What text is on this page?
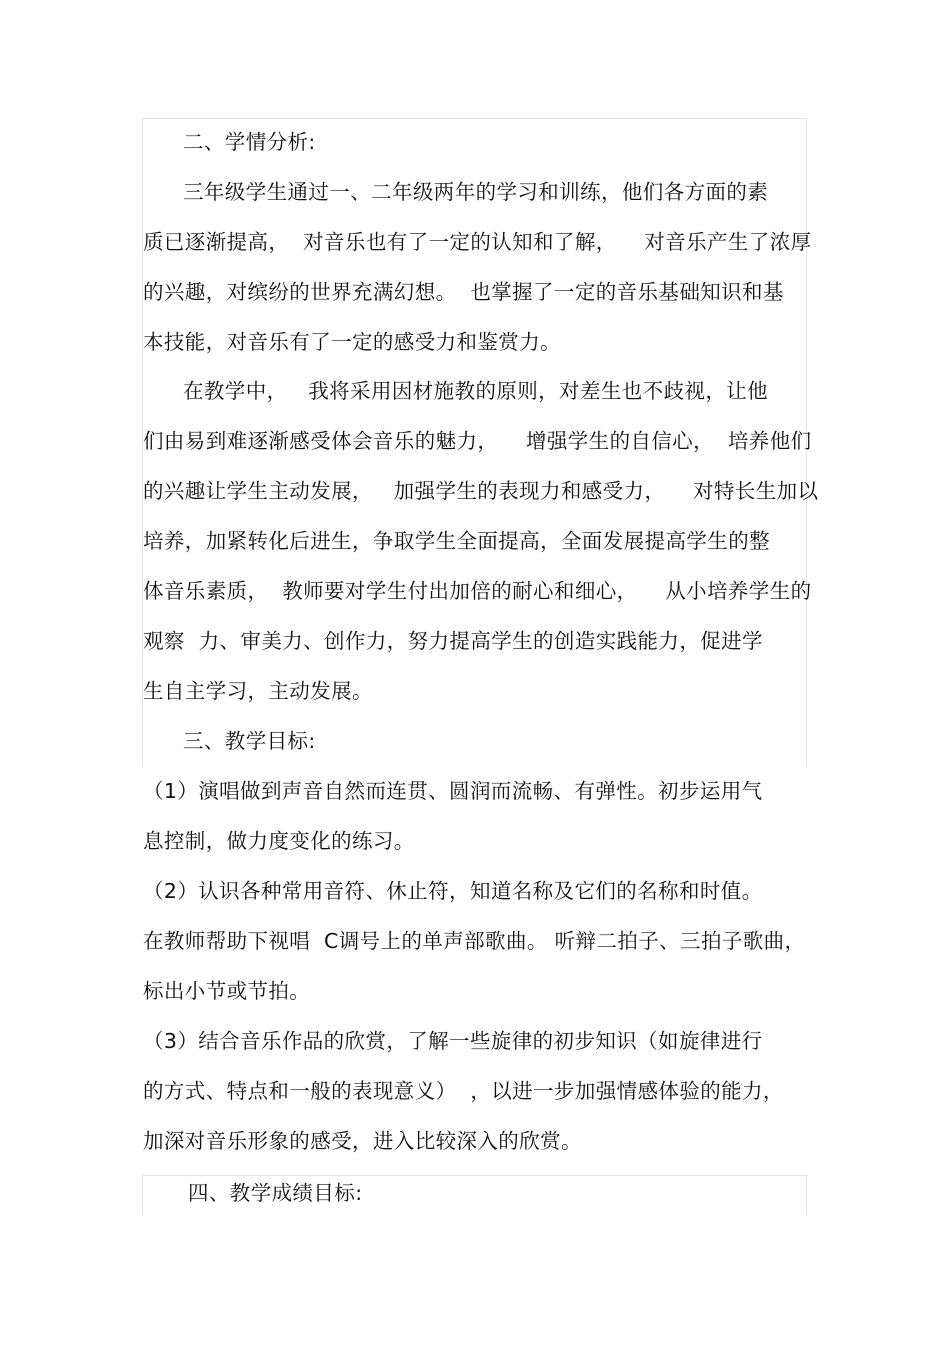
二、学情分析:
三年级学生通过一、二年级两年的学习和训练，他们各方面的素
质已逐渐提高，  对音乐也有了一定的认知和了解，    对音乐产生了浓厚
的兴趣，对缤纷的世界充满幻想。  也掌握了一定的音乐基础知识和基
本技能，对音乐有了一定的感受力和鉴赏力。
在教学中，   我将采用因材施教的原则，对差生也不歧视，让他
们由易到难逐渐感受体会音乐的魅力，    增强学生的自信心，  培养他们
的兴趣让学生主动发展，   加强学生的表现力和感受力，    对特长生加以
培养，加紧转化后进生，争取学生全面提高，全面发展提高学生的整
体音乐素质，  教师要对学生付出加倍的耐心和细心，    从小培养学生的
观察  力、审美力、创作力，努力提高学生的创造实践能力，促进学
生自主学习，主动发展。
三、教学目标:
（1）演唱做到声音自然而连贯、圆润而流畅、有弹性。初步运用气
息控制，做力度变化的练习。
（2）认识各种常用音符、休止符，知道名称及它们的名称和时值。
在教师帮助下视唱  C调号上的单声部歌曲。 听辩二拍子、三拍子歌曲，
标出小节或节拍。
（3）结合音乐作品的欣赏，了解一些旋律的初步知识（如旋律进行
的方式、特点和一般的表现意义）  ，以进一步加强情感体验的能力，
加深对音乐形象的感受，进入比较深入的欣赏。
四、教学成绩目标:
